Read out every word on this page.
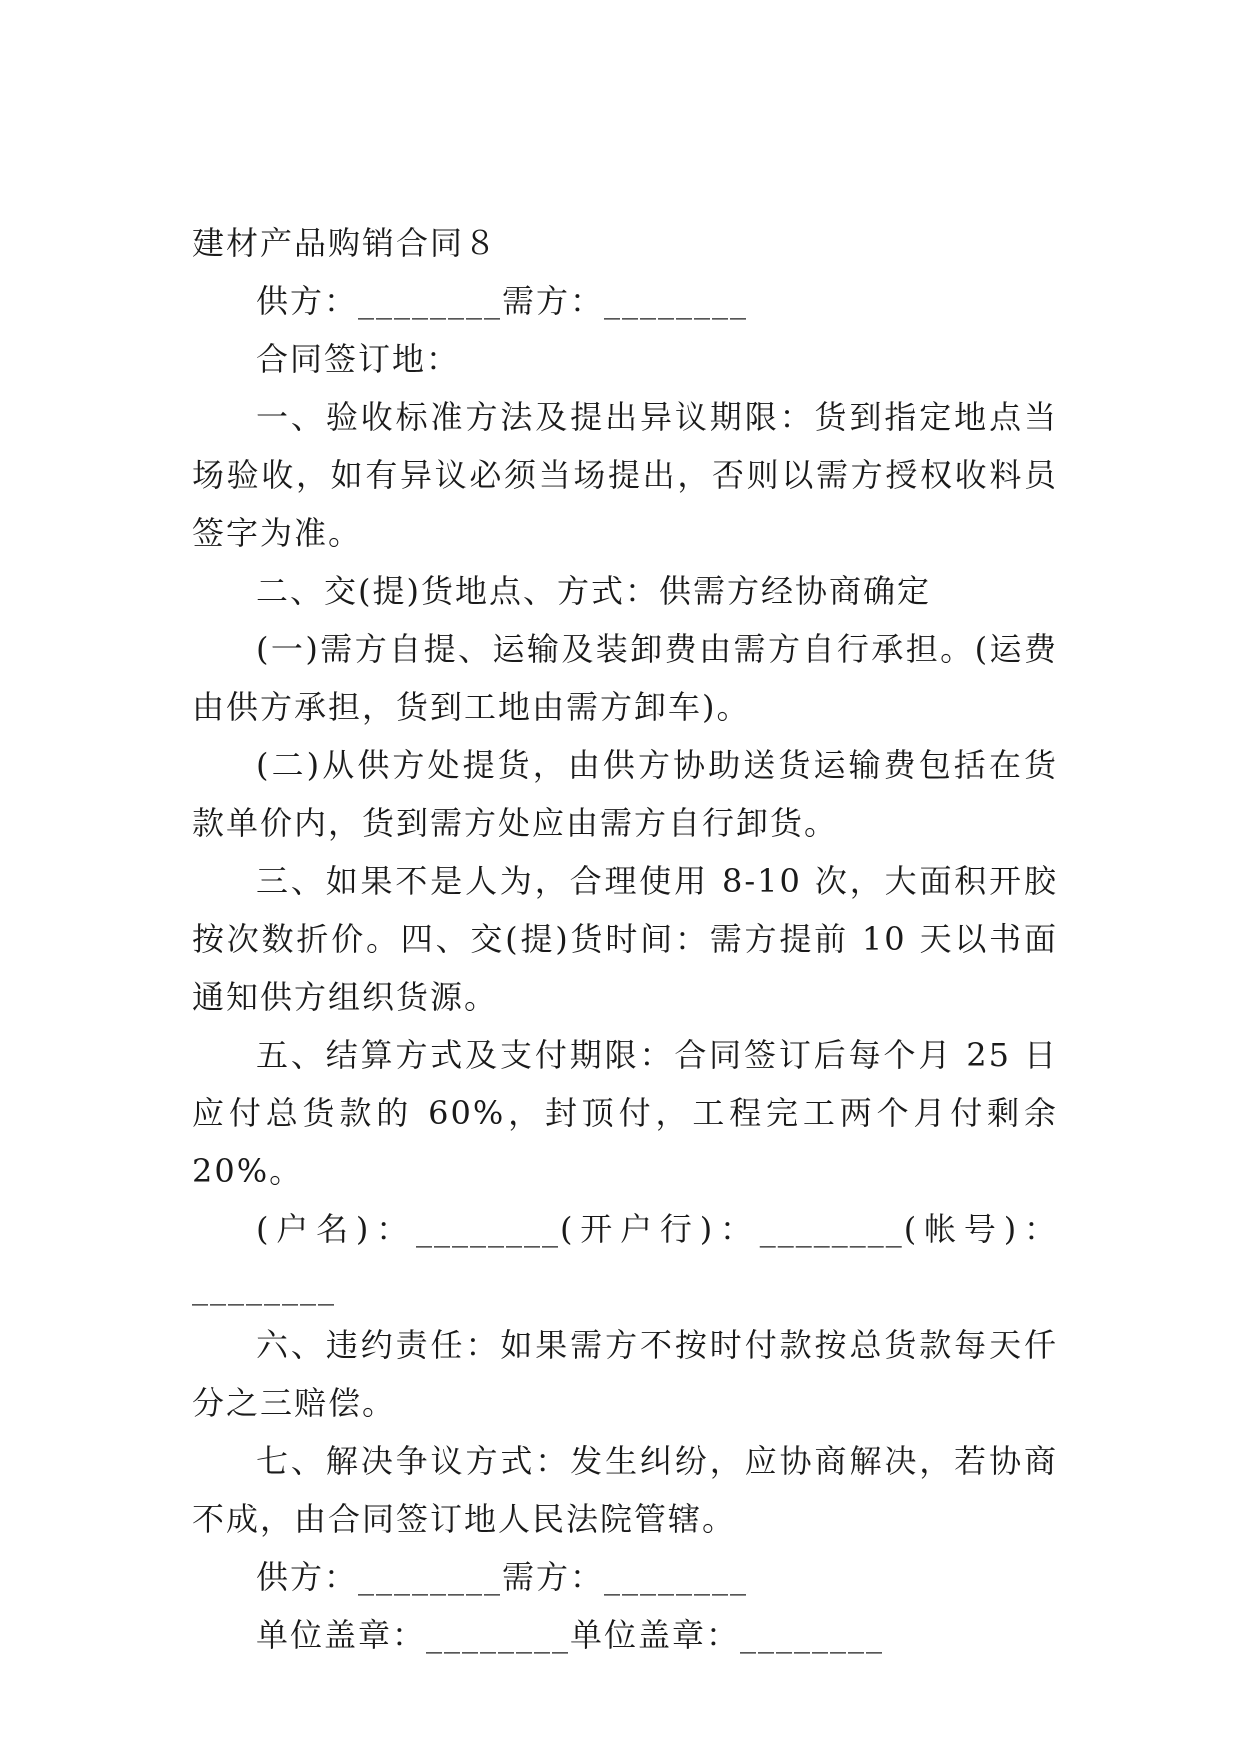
建材产品购销合同８

供方：________需方：________

合同签订地：

一、验收标准方法及提出异议期限：货到指定地点当场验收，如有异议必须当场提出，否则以需方授权收料员签字为准。

二、交(提)货地点、方式：供需方经协商确定

(一)需方自提、运输及装卸费由需方自行承担。(运费由供方承担，货到工地由需方卸车)。

(二)从供方处提货，由供方协助送货运输费包括在货款单价内，货到需方处应由需方自行卸货。

三、如果不是人为，合理使用 8-10 次，大面积开胶按次数折价。四、交(提)货时间：需方提前 10 天以书面通知供方组织货源。

五、结算方式及支付期限：合同签订后每个月 25 日应付总货款的 60%，封顶付，工程完工两个月付剩余 20%。

(户名)：________(开户行)：________(帐号)：________

六、违约责任：如果需方不按时付款按总货款每天仟分之三赔偿。

七、解决争议方式：发生纠纷，应协商解决，若协商不成，由合同签订地人民法院管辖。

供方：________需方：________

单位盖章：________单位盖章：________
